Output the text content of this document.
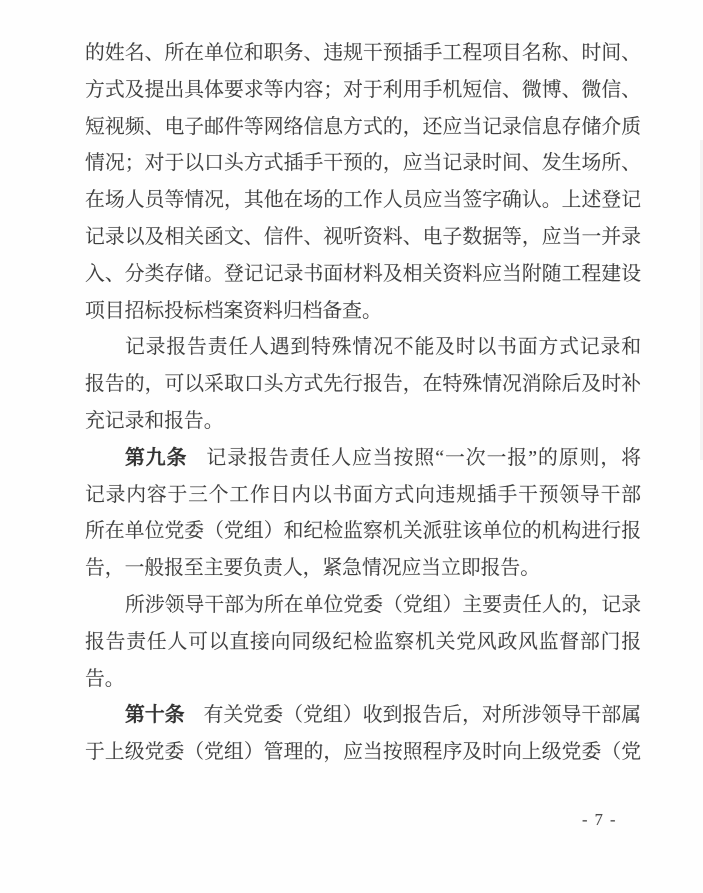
的姓名、所在单位和职务、违规干预插手工程项目名称、时间、
方式及提出具体要求等内容；对于利用手机短信、微博、微信、
短视频、电子邮件等网络信息方式的，还应当记录信息存储介质
情况；对于以口头方式插手干预的，应当记录时间、发生场所、
在场人员等情况，其他在场的工作人员应当签字确认。上述登记
记录以及相关函文、信件、视听资料、电子数据等，应当一并录
入、分类存储。登记记录书面材料及相关资料应当附随工程建设
项目招标投标档案资料归档备查。
记录报告责任人遇到特殊情况不能及时以书面方式记录和
报告的，可以采取口头方式先行报告，在特殊情况消除后及时补
充记录和报告。
第九条 记录报告责任人应当按照“一次一报”的原则，将
记录内容于三个工作日内以书面方式向违规插手干预领导干部
所在单位党委（党组）和纪检监察机关派驻该单位的机构进行报
告，一般报至主要负责人，紧急情况应当立即报告。
所涉领导干部为所在单位党委（党组）主要责任人的，记录
报告责任人可以直接向同级纪检监察机关党风政风监督部门报
告。
第十条 有关党委（党组）收到报告后，对所涉领导干部属
于上级党委（党组）管理的，应当按照程序及时向上级党委（党
- 7 -
